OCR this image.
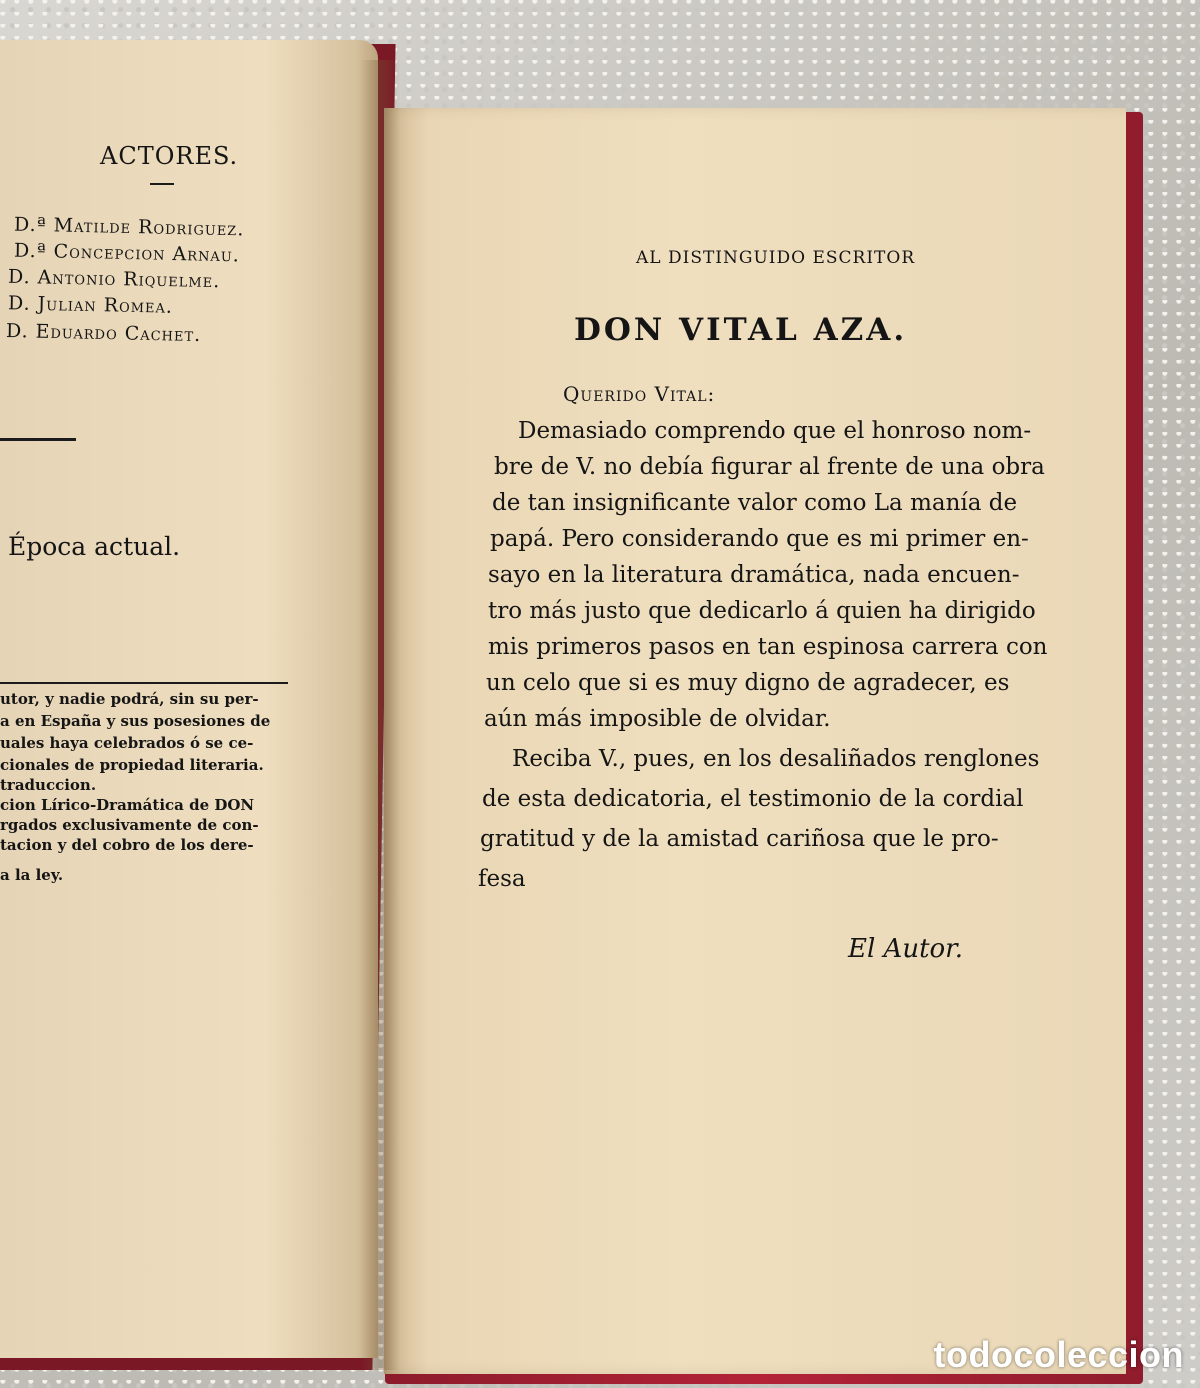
ACTORES.
D.ª Matilde Rodriguez.
D.ª Concepcion Arnau.
D. Antonio Riquelme.
D. Julian Romea.
D. Eduardo Cachet.
Época actual.
utor, y nadie podrá, sin su per-
a en España y sus posesiones de
uales haya celebrados ó se ce-
cionales de propiedad literaria.
traduccion.
cion Lírico-Dramática de DON
rgados exclusivamente de con-
tacion y del cobro de los dere-
a la ley.
AL DISTINGUIDO ESCRITOR
DON VITAL AZA.
Querido Vital:
Demasiado comprendo que el honroso nom-
bre de V. no debía figurar al frente de una obra
de tan insignificante valor como La manía de
papá. Pero considerando que es mi primer en-
sayo en la literatura dramática, nada encuen-
tro más justo que dedicarlo á quien ha dirigido
mis primeros pasos en tan espinosa carrera con
un celo que si es muy digno de agradecer, es
aún más imposible de olvidar.
Reciba V., pues, en los desaliñados renglones
de esta dedicatoria, el testimonio de la cordial
gratitud y de la amistad cariñosa que le pro-
fesa
El Autor.
todocoleccion
